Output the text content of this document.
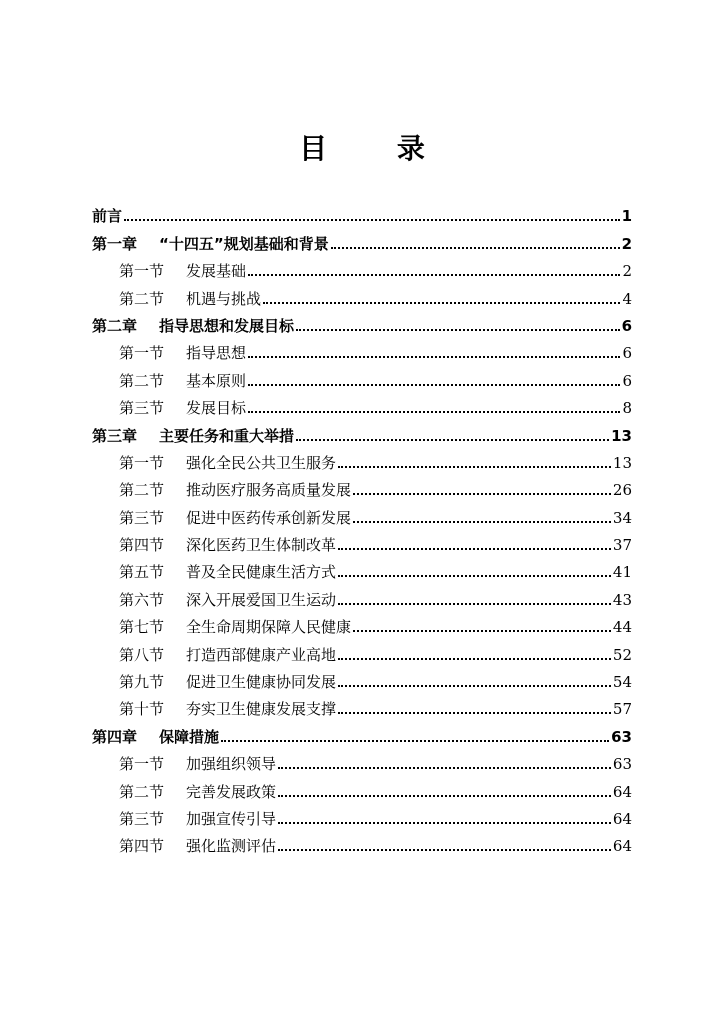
目 录
前言	1
第一章 “十四五”规划基础和背景	2
第一节 发展基础	2
第二节 机遇与挑战	4
第二章 指导思想和发展目标	6
第一节 指导思想	6
第二节 基本原则	6
第三节 发展目标	8
第三章 主要任务和重大举措	13
第一节 强化全民公共卫生服务	13
第二节 推动医疗服务高质量发展	26
第三节 促进中医药传承创新发展	34
第四节 深化医药卫生体制改革	37
第五节 普及全民健康生活方式	41
第六节 深入开展爱国卫生运动	43
第七节 全生命周期保障人民健康	44
第八节 打造西部健康产业高地	52
第九节 促进卫生健康协同发展	54
第十节 夯实卫生健康发展支撑	57
第四章 保障措施	63
第一节 加强组织领导	63
第二节 完善发展政策	64
第三节 加强宣传引导	64
第四节 强化监测评估	64
